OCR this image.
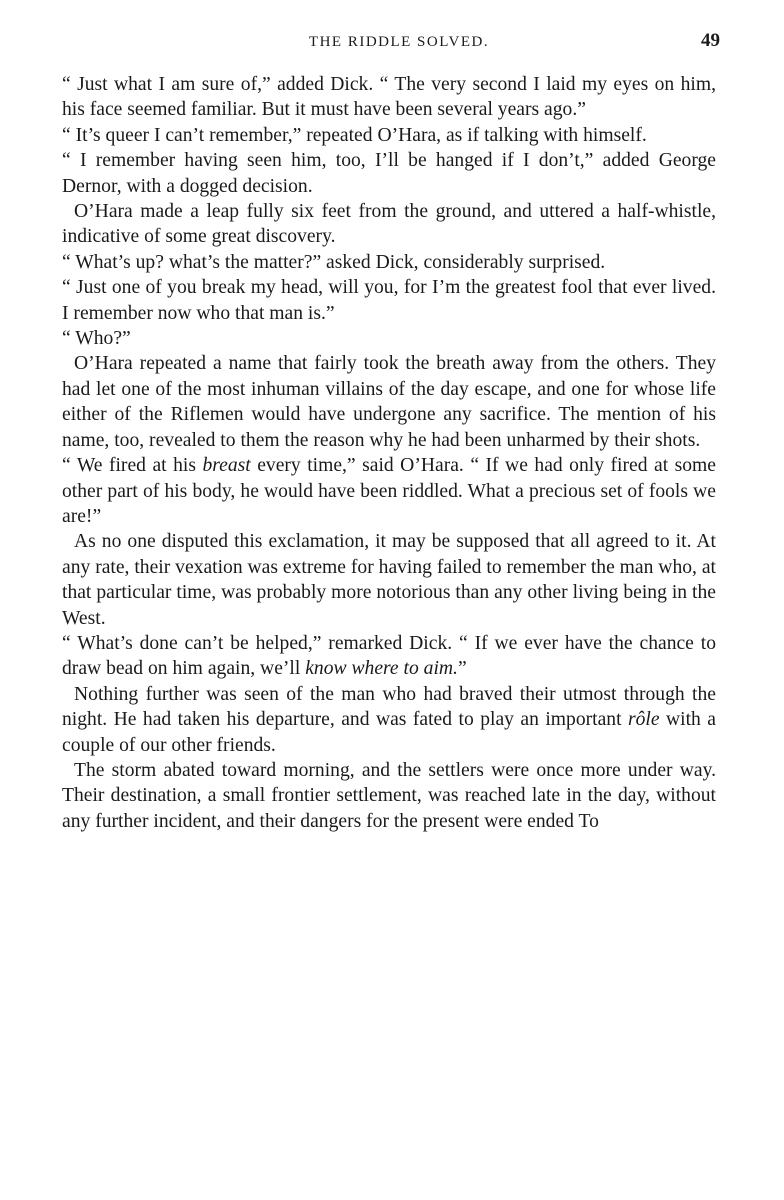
THE RIDDLE SOLVED.	49

“ Just what I am sure of,” added Dick. “ The very second I laid my eyes on him, his face seemed familiar. But it must have been several years ago.”

“ It’s queer I can’t remember,” repeated O’Hara, as if talking with himself.

“ I remember having seen him, too, I’ll be hanged if I don’t,” added George Dernor, with a dogged decision.

O’Hara made a leap fully six feet from the ground, and uttered a half-whistle, indicative of some great discovery.

“ What’s up? what’s the matter?” asked Dick, considerably surprised.

“ Just one of you break my head, will you, for I’m the greatest fool that ever lived. I remember now who that man is.”

“ Who?”

O’Hara repeated a name that fairly took the breath away from the others. They had let one of the most inhuman villains of the day escape, and one for whose life either of the Riflemen would have undergone any sacrifice. The mention of his name, too, revealed to them the reason why he had been unharmed by their shots.

“ We fired at his breast every time,” said O’Hara. “ If we had only fired at some other part of his body, he would have been riddled. What a precious set of fools we are!”

As no one disputed this exclamation, it may be supposed that all agreed to it. At any rate, their vexation was extreme for having failed to remember the man who, at that particular time, was probably more notorious than any other living being in the West.

“ What’s done can’t be helped,” remarked Dick. “ If we ever have the chance to draw bead on him again, we’ll know where to aim.”

Nothing further was seen of the man who had braved their utmost through the night. He had taken his departure, and was fated to play an important rôle with a couple of our other friends.

The storm abated toward morning, and the settlers were once more under way. Their destination, a small frontier settlement, was reached late in the day, without any further incident, and their dangers for the present were ended To
